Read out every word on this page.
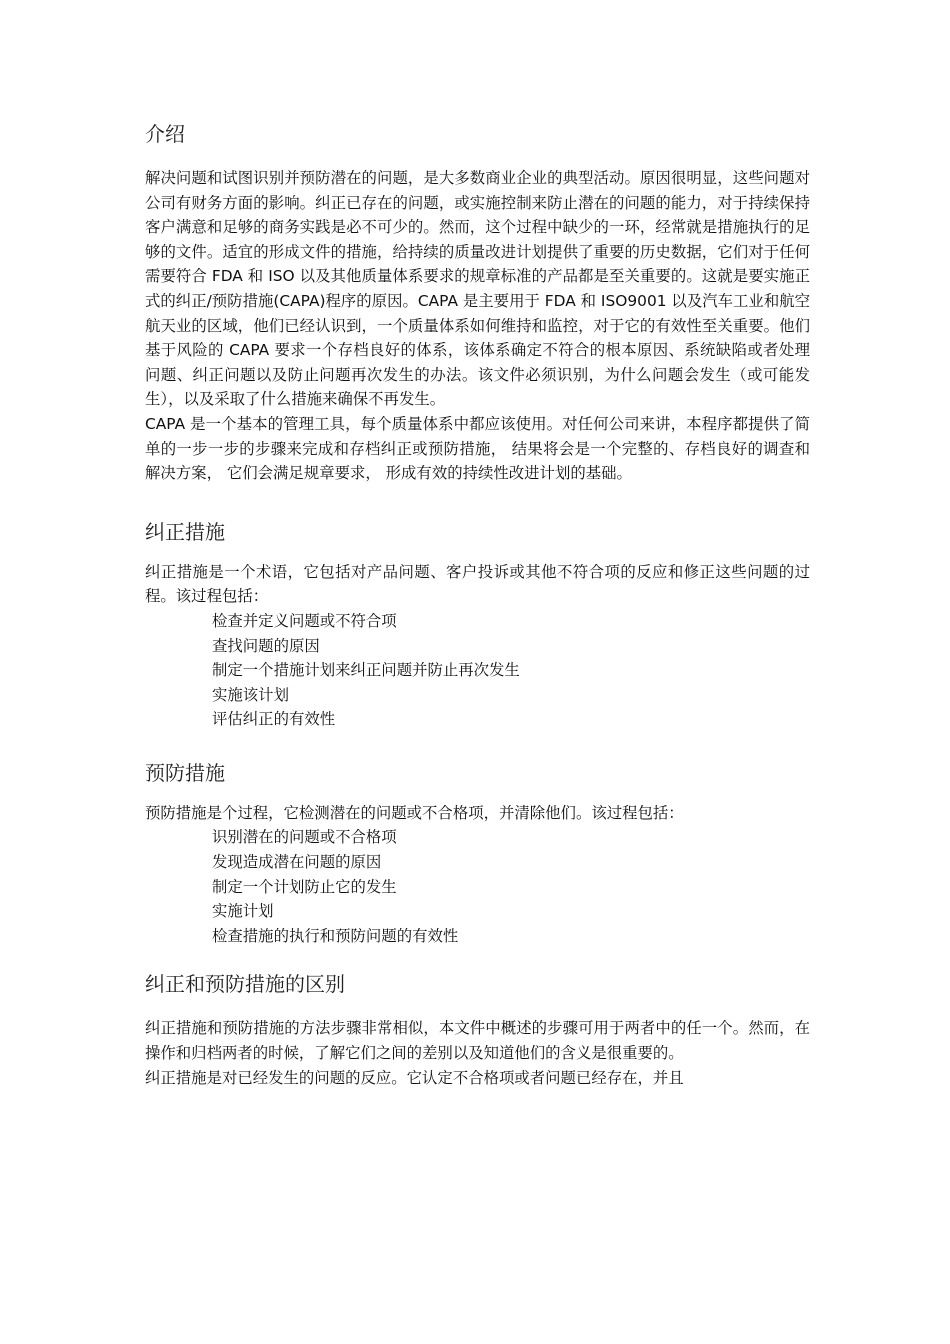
介绍

解决问题和试图识别并预防潜在的问题，是大多数商业企业的典型活动。原因很明显，这些问题对公司有财务方面的影响。纠正已存在的问题，或实施控制来防止潜在的问题的能力，对于持续保持客户满意和足够的商务实践是必不可少的。然而，这个过程中缺少的一环，经常就是措施执行的足够的文件。适宜的形成文件的措施，给持续的质量改进计划提供了重要的历史数据，它们对于任何需要符合 FDA 和 ISO 以及其他质量体系要求的规章标准的产品都是至关重要的。这就是要实施正式的纠正/预防措施(CAPA)程序的原因。CAPA 是主要用于 FDA 和 ISO9001 以及汽车工业和航空航天业的区域，他们已经认识到，一个质量体系如何维持和监控，对于它的有效性至关重要。他们基于风险的 CAPA 要求一个存档良好的体系，该体系确定不符合的根本原因、系统缺陷或者处理问题、纠正问题以及防止问题再次发生的办法。该文件必须识别，为什么问题会发生（或可能发生），以及采取了什么措施来确保不再发生。

CAPA 是一个基本的管理工具，每个质量体系中都应该使用。对任何公司来讲，本程序都提供了简单的一步一步的步骤来完成和存档纠正或预防措施， 结果将会是一个完整的、存档良好的调查和解决方案， 它们会满足规章要求， 形成有效的持续性改进计划的基础。

纠正措施

纠正措施是一个术语，它包括对产品问题、客户投诉或其他不符合项的反应和修正这些问题的过程。该过程包括：

检查并定义问题或不符合项
查找问题的原因
制定一个措施计划来纠正问题并防止再次发生
实施该计划
评估纠正的有效性
预防措施

预防措施是个过程，它检测潜在的问题或不合格项，并清除他们。该过程包括：

识别潜在的问题或不合格项
发现造成潜在问题的原因
制定一个计划防止它的发生
实施计划
检查措施的执行和预防问题的有效性
纠正和预防措施的区别

纠正措施和预防措施的方法步骤非常相似，本文件中概述的步骤可用于两者中的任一个。然而，在操作和归档两者的时候，了解它们之间的差别以及知道他们的含义是很重要的。

纠正措施是对已经发生的问题的反应。它认定不合格项或者问题已经存在，并且
